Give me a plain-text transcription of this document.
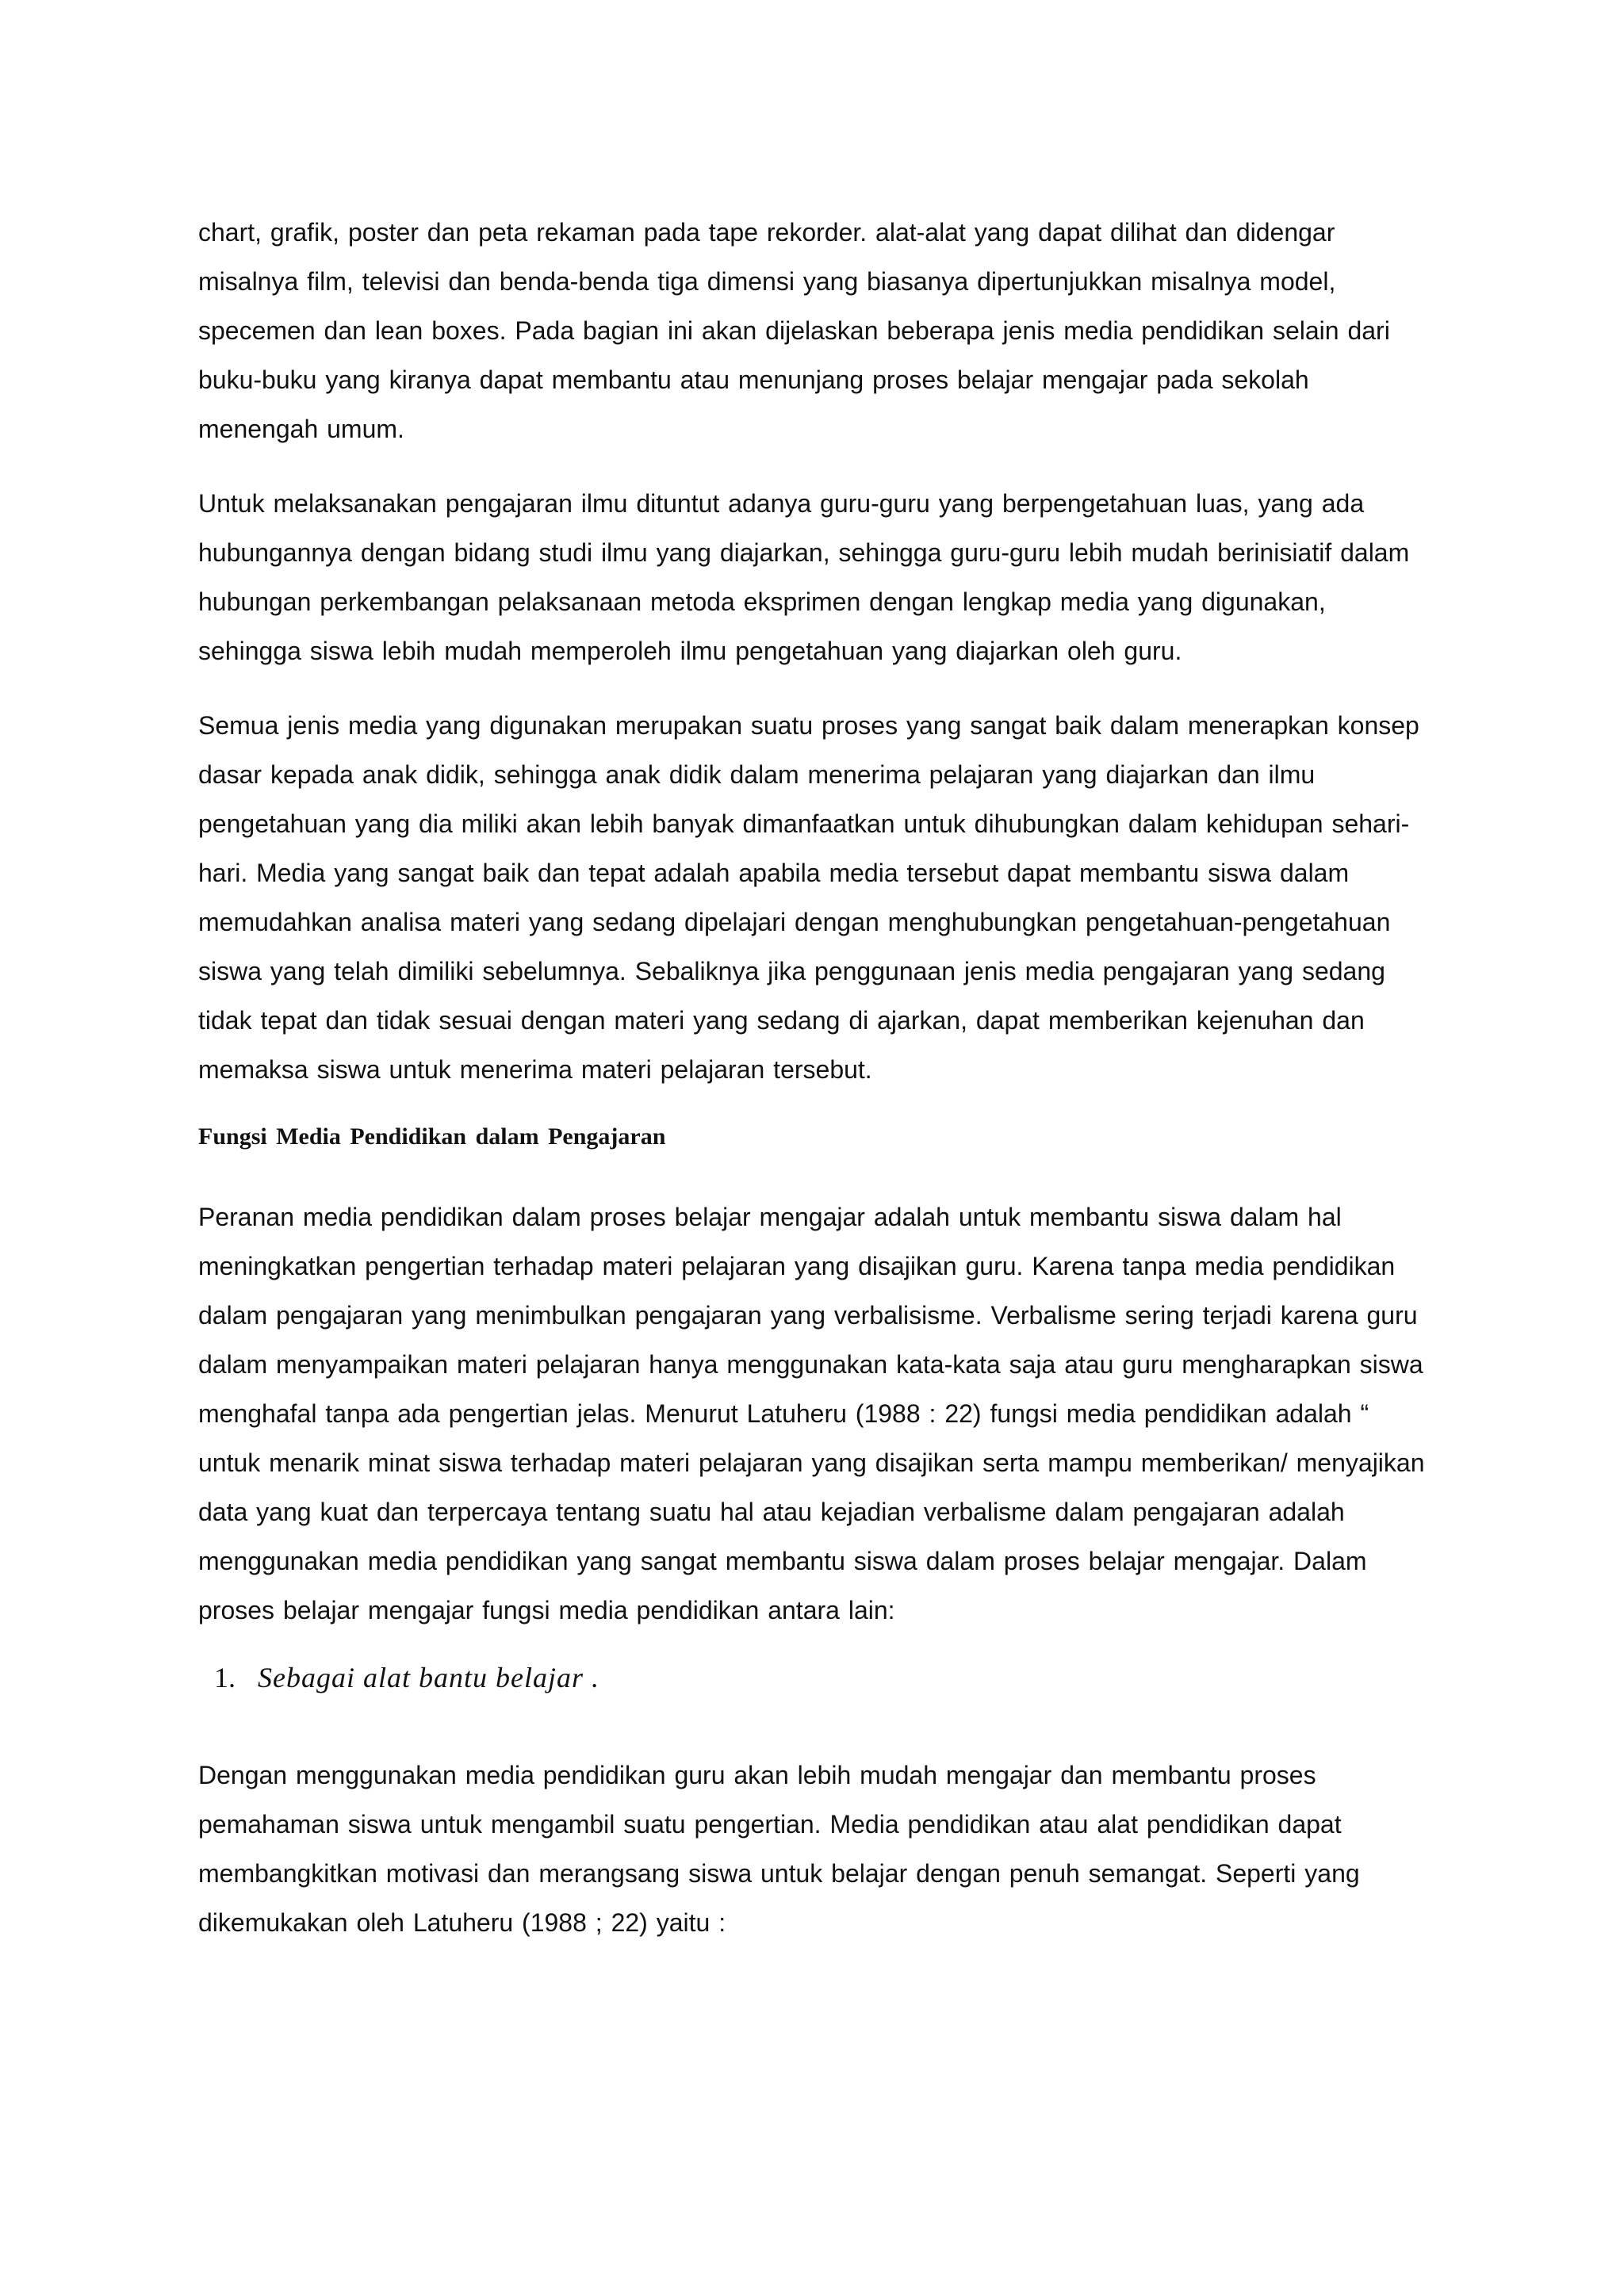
chart, grafik, poster dan peta rekaman pada tape rekorder. alat-alat yang dapat dilihat dan didengar misalnya film, televisi dan benda-benda tiga dimensi yang biasanya dipertunjukkan misalnya model, specemen dan lean boxes. Pada bagian ini akan dijelaskan beberapa jenis media pendidikan selain dari buku-buku yang kiranya dapat membantu atau menunjang proses belajar mengajar pada sekolah menengah umum.

Untuk melaksanakan pengajaran ilmu dituntut adanya guru-guru yang berpengetahuan luas, yang ada hubungannya dengan bidang studi ilmu yang diajarkan, sehingga guru-guru lebih mudah berinisiatif dalam hubungan perkembangan pelaksanaan metoda eksprimen dengan lengkap media yang digunakan, sehingga siswa lebih mudah memperoleh ilmu pengetahuan yang diajarkan oleh guru.

Semua jenis media yang digunakan merupakan suatu proses yang sangat baik dalam menerapkan konsep dasar kepada anak didik, sehingga anak didik dalam menerima pelajaran yang diajarkan dan ilmu pengetahuan yang dia miliki akan lebih banyak dimanfaatkan untuk dihubungkan dalam kehidupan sehari-hari. Media yang sangat baik dan tepat adalah apabila media tersebut dapat membantu siswa dalam memudahkan analisa materi yang sedang dipelajari dengan menghubungkan pengetahuan-pengetahuan siswa yang telah dimiliki sebelumnya. Sebaliknya jika penggunaan jenis media pengajaran yang sedang tidak tepat dan tidak sesuai dengan materi yang sedang di ajarkan, dapat memberikan kejenuhan dan memaksa siswa untuk menerima materi pelajaran tersebut.

Fungsi Media Pendidikan dalam Pengajaran

Peranan media pendidikan dalam proses belajar mengajar adalah untuk membantu siswa dalam hal meningkatkan pengertian terhadap materi pelajaran yang disajikan guru. Karena tanpa media pendidikan dalam pengajaran yang menimbulkan pengajaran yang verbalisisme. Verbalisme sering terjadi karena guru dalam menyampaikan materi pelajaran hanya menggunakan kata-kata saja atau guru mengharapkan siswa menghafal tanpa ada pengertian jelas. Menurut Latuheru (1988 : 22) fungsi media pendidikan adalah “ untuk menarik minat siswa terhadap materi pelajaran yang disajikan serta mampu memberikan/ menyajikan data yang kuat dan terpercaya tentang suatu hal atau kejadian verbalisme dalam pengajaran adalah menggunakan media pendidikan yang sangat membantu siswa dalam proses belajar mengajar. Dalam proses belajar mengajar fungsi media pendidikan antara lain:

1. Sebagai alat bantu belajar .

Dengan menggunakan media pendidikan guru akan lebih mudah mengajar dan membantu proses pemahaman siswa untuk mengambil suatu pengertian. Media pendidikan atau alat pendidikan dapat membangkitkan motivasi dan merangsang siswa untuk belajar dengan penuh semangat. Seperti yang dikemukakan oleh Latuheru (1988 ; 22) yaitu :
